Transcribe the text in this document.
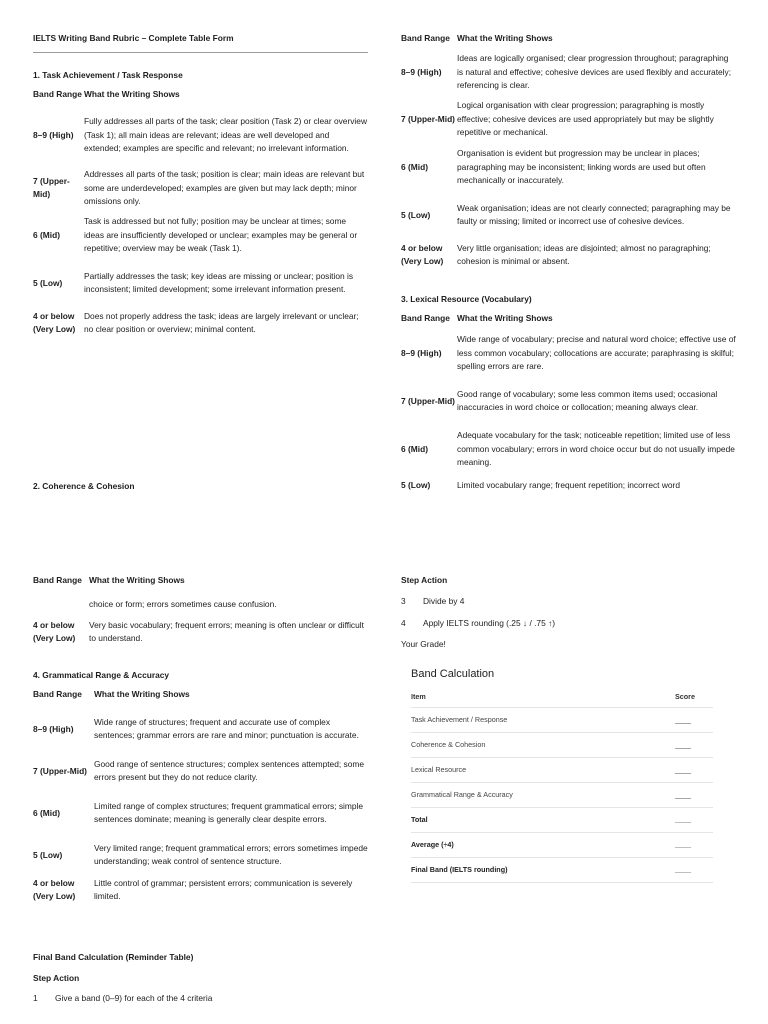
IELTS Writing Band Rubric – Complete Table Form
1. Task Achievement / Task Response
Band Range	What the Writing Shows
8–9 (High)	Fully addresses all parts of the task; clear position (Task 2) or clear overview (Task 1); all main ideas are relevant; ideas are well developed and extended; examples are specific and relevant; no irrelevant information.
7 (Upper-Mid)	Addresses all parts of the task; position is clear; main ideas are relevant but some are underdeveloped; examples are given but may lack depth; minor omissions only.
6 (Mid)	Task is addressed but not fully; position may be unclear at times; some ideas are insufficiently developed or unclear; examples may be general or repetitive; overview may be weak (Task 1).
5 (Low)	Partially addresses the task; key ideas are missing or unclear; position is inconsistent; limited development; some irrelevant information present.
4 or below (Very Low)	Does not properly address the task; ideas are largely irrelevant or unclear; no clear position or overview; minimal content.
2. Coherence & Cohesion
Band Range	What the Writing Shows
8–9 (High)	Ideas are logically organised; clear progression throughout; paragraphing is natural and effective; cohesive devices are used flexibly and accurately; referencing is clear.
7 (Upper-Mid)	Logical organisation with clear progression; paragraphing is mostly effective; cohesive devices are used appropriately but may be slightly repetitive or mechanical.
6 (Mid)	Organisation is evident but progression may be unclear in places; paragraphing may be inconsistent; linking words are used but often mechanically or inaccurately.
5 (Low)	Weak organisation; ideas are not clearly connected; paragraphing may be faulty or missing; limited or incorrect use of cohesive devices.
4 or below (Very Low)	Very little organisation; ideas are disjointed; almost no paragraphing; cohesion is minimal or absent.
3. Lexical Resource (Vocabulary)
Band Range	What the Writing Shows
8–9 (High)	Wide range of vocabulary; precise and natural word choice; effective use of less common vocabulary; collocations are accurate; paraphrasing is skilful; spelling errors are rare.
7 (Upper-Mid)	Good range of vocabulary; some less common items used; occasional inaccuracies in word choice or collocation; meaning always clear.
6 (Mid)	Adequate vocabulary for the task; noticeable repetition; limited use of less common vocabulary; errors in word choice occur but do not usually impede meaning.
5 (Low)	Limited vocabulary range; frequent repetition; incorrect word
Band Range	What the Writing Shows
	choice or form; errors sometimes cause confusion.
4 or below (Very Low)	Very basic vocabulary; frequent errors; meaning is often unclear or difficult to understand.
4. Grammatical Range & Accuracy
Band Range	What the Writing Shows
8–9 (High)	Wide range of structures; frequent and accurate use of complex sentences; grammar errors are rare and minor; punctuation is accurate.
7 (Upper-Mid)	Good range of sentence structures; complex sentences attempted; some errors present but they do not reduce clarity.
6 (Mid)	Limited range of complex structures; frequent grammatical errors; simple sentences dominate; meaning is generally clear despite errors.
5 (Low)	Very limited range; frequent grammatical errors; errors sometimes impede understanding; weak control of sentence structure.
4 or below (Very Low)	Little control of grammar; persistent errors; communication is severely limited.
Final Band Calculation (Reminder Table)
Step Action
1 Give a band (0–9) for each of the 4 criteria
Step Action
3 Divide by 4
4 Apply IELTS rounding (.25 ↓ / .75 ↑)
Your Grade!
Band Calculation
Item	Score
Task Achievement / Response	____
Coherence & Cohesion	____
Lexical Resource	____
Grammatical Range & Accuracy	____
Total	____
Average (÷4)	____
Final Band (IELTS rounding)	____
